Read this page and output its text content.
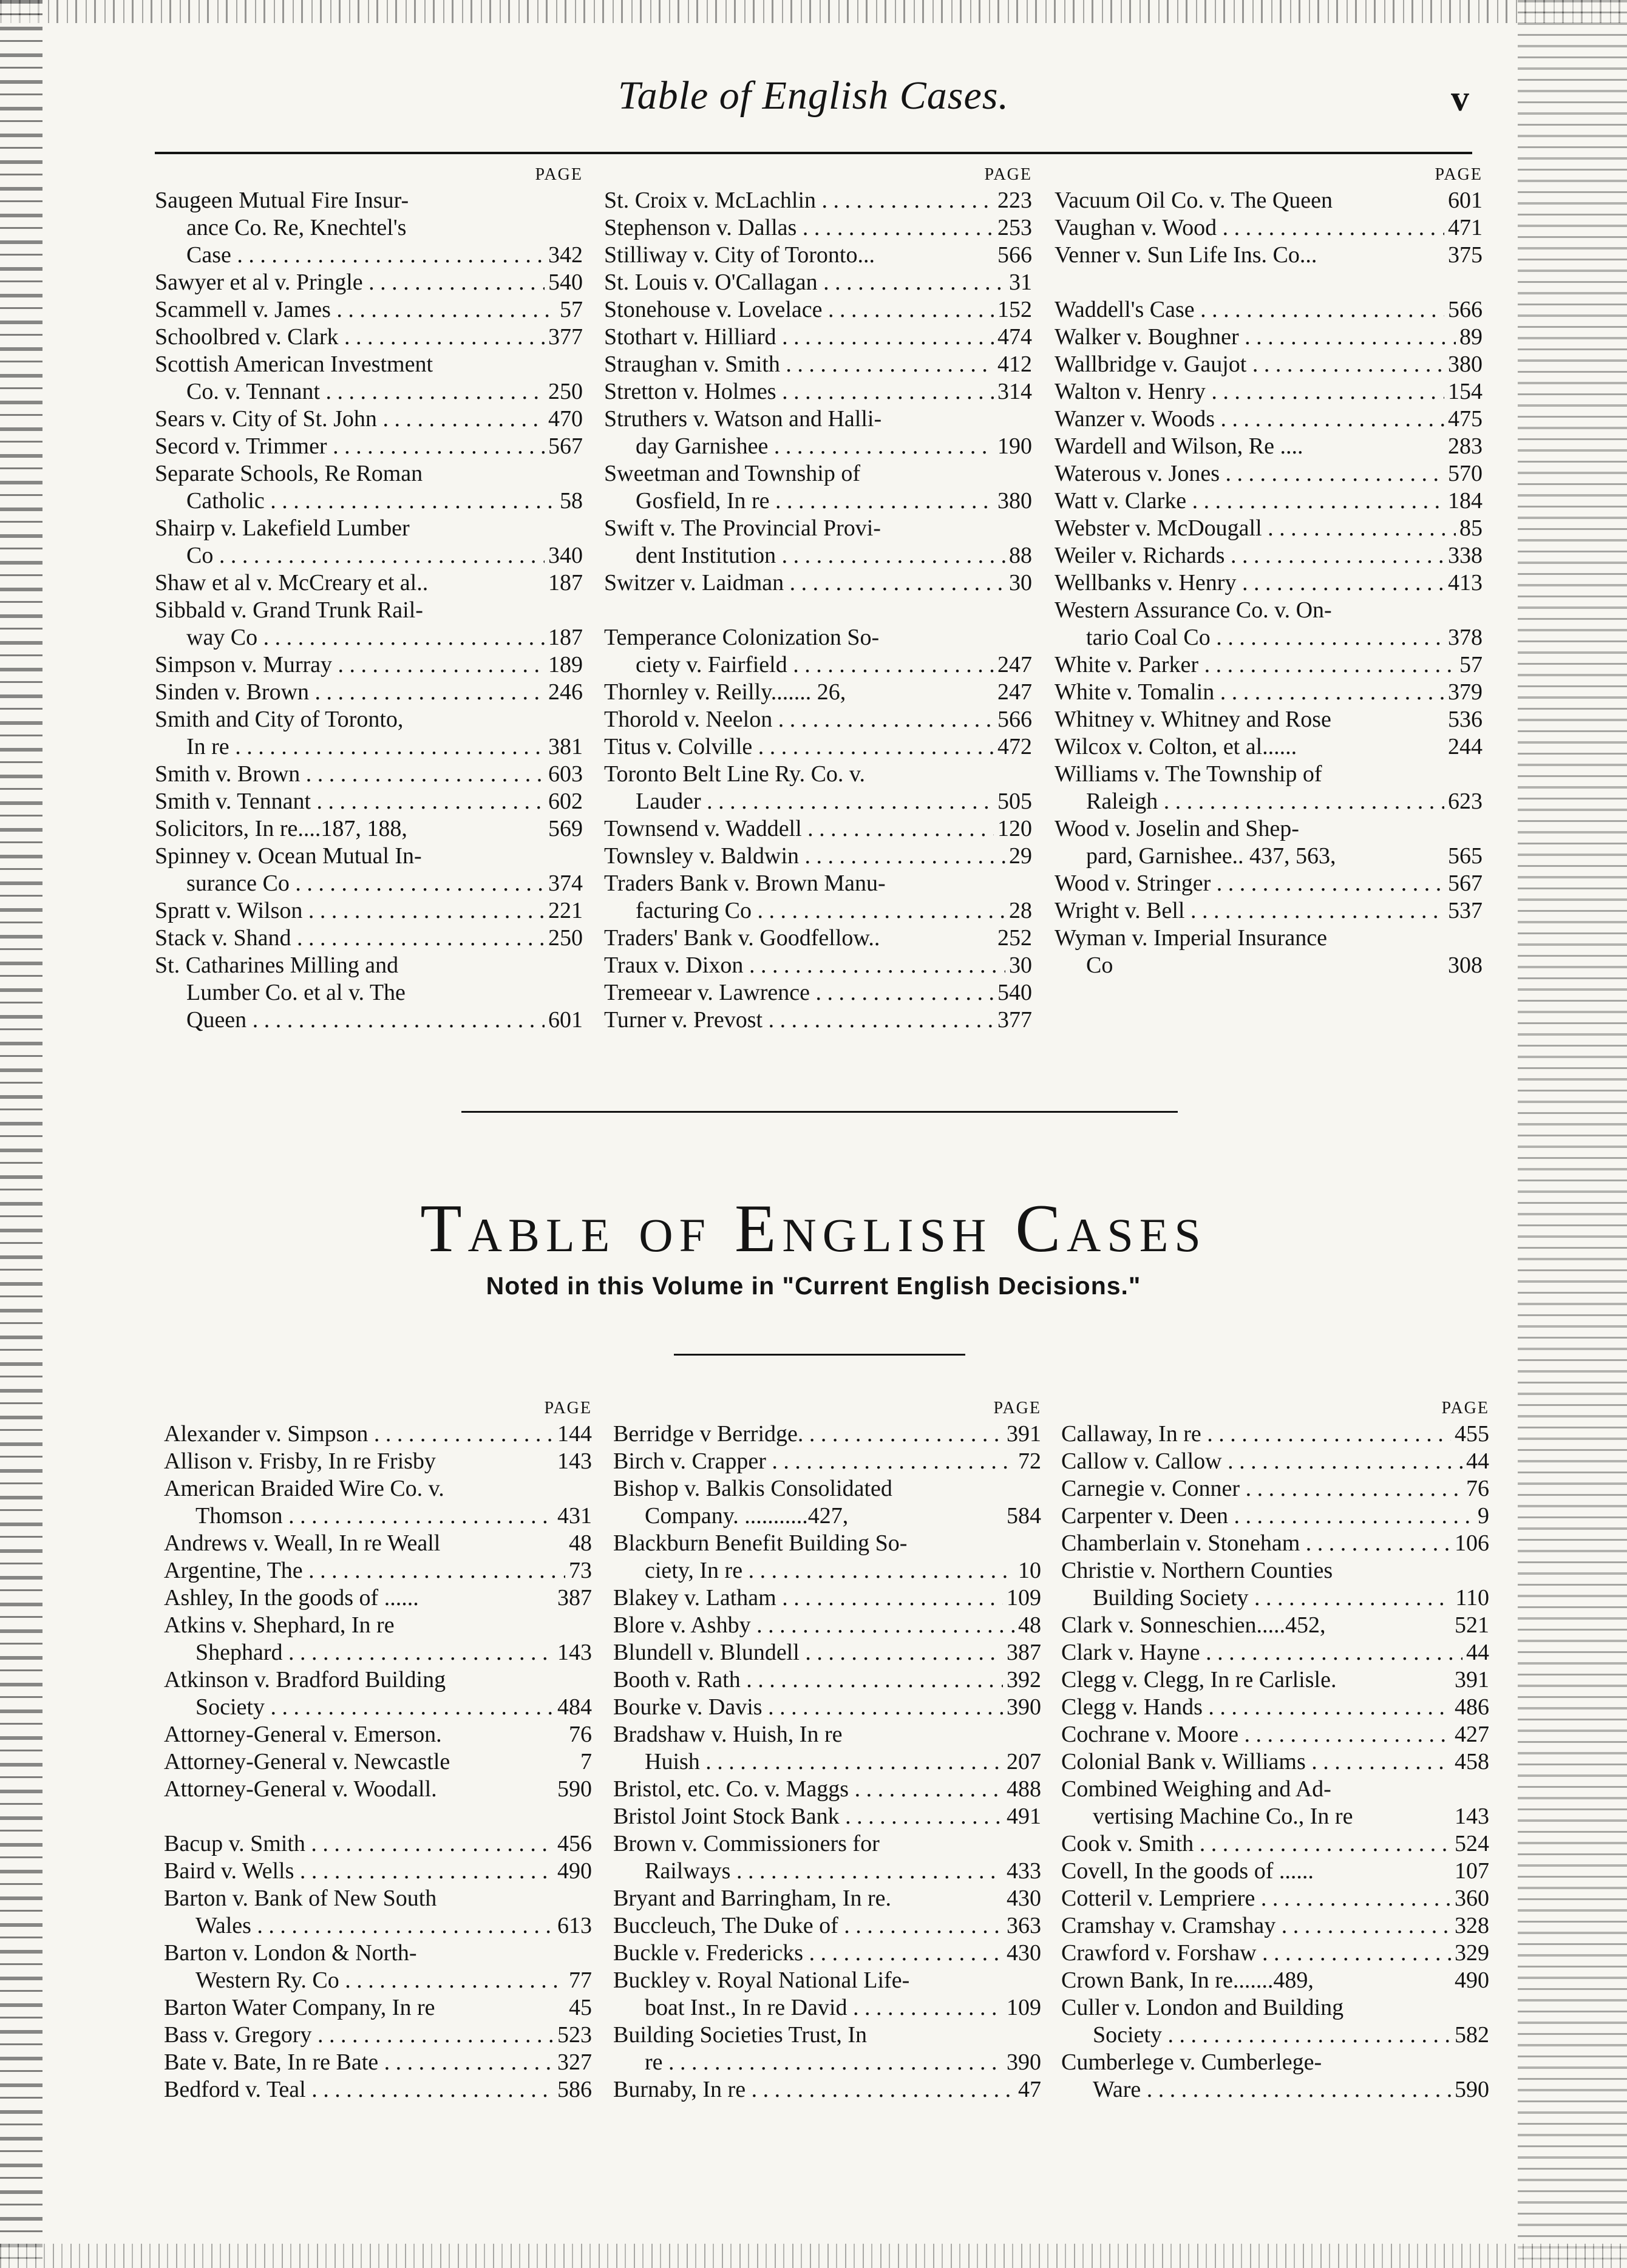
Table of English Cases.	v
PAGE
Saugeen Mutual Fire Insur-
ance Co. Re, Knechtel's
Case . . .	342
Sawyer et al v. Pringle . . .	540
Scammell v. James . . .	57
Schoolbred v. Clark . . .	377
Scottish American Investment
Co. v. Tennant . . .	250
Sears v. City of St. John . . .	470
Secord v. Trimmer . . .	567
Separate Schools, Re Roman
Catholic . . .	58
Shairp v. Lakefield Lumber
Co . . .	340
Shaw et al v. McCreary et al..	187
Sibbald v. Grand Trunk Rail-
way Co . . .	187
Simpson v. Murray . . .	189
Sinden v. Brown . . .	246
Smith and City of Toronto,
In re . . .	381
Smith v. Brown . . .	603
Smith v. Tennant . . .	602
Solicitors, In re....187, 188,	569
Spinney v. Ocean Mutual In-
surance Co . . .	374
Spratt v. Wilson . . .	221
Stack v. Shand . . .	250
St. Catharines Milling and
Lumber Co. et al v. The
Queen . . .	601
PAGE
St. Croix v. McLachlin . . .	223
Stephenson v. Dallas . . .	253
Stilliway v. City of Toronto...	566
St. Louis v. O'Callagan . . .	31
Stonehouse v. Lovelace . . .	152
Stothart v. Hilliard . . .	474
Straughan v. Smith . . .	412
Stretton v. Holmes . . .	314
Struthers v. Watson and Halli-
day Garnishee . . .	190
Sweetman and Township of
Gosfield, In re . . .	380
Swift v. The Provincial Provi-
dent Institution . . .	88
Switzer v. Laidman . . .	30
Temperance Colonization So-
ciety v. Fairfield . . .	247
Thornley v. Reilly....... 26,	247
Thorold v. Neelon . . .	566
Titus v. Colville . . .	472
Toronto Belt Line Ry. Co. v.
Lauder . . .	505
Townsend v. Waddell . . .	120
Townsley v. Baldwin . . .	29
Traders Bank v. Brown Manu-
facturing Co . . .	28
Traders' Bank v. Goodfellow..	252
Traux v. Dixon . . .	30
Tremeear v. Lawrence . . .	540
Turner v. Prevost . . .	377
PAGE
Vacuum Oil Co. v. The Queen	601
Vaughan v. Wood . . .	471
Venner v. Sun Life Ins. Co...	375
Waddell's Case . . .	566
Walker v. Boughner . . .	89
Wallbridge v. Gaujot . . .	380
Walton v. Henry . . .	154
Wanzer v. Woods . . .	475
Wardell and Wilson, Re ....	283
Waterous v. Jones . . .	570
Watt v. Clarke . . .	184
Webster v. McDougall . . .	85
Weiler v. Richards . . .	338
Wellbanks v. Henry . . .	413
Western Assurance Co. v. On-
tario Coal Co . . .	378
White v. Parker . . .	57
White v. Tomalin . . .	379
Whitney v. Whitney and Rose	536
Wilcox v. Colton, et al......	244
Williams v. The Township of
Raleigh . . .	623
Wood v. Joselin and Shep-
pard, Garnishee.. 437, 563,	565
Wood v. Stringer . . .	567
Wright v. Bell . . .	537
Wyman v. Imperial Insurance
Co	308
Table of English Cases
Noted in this Volume in "Current English Decisions."
PAGE
Alexander v. Simpson . . .	144
Allison v. Frisby, In re Frisby	143
American Braided Wire Co. v.
Thomson . . .	431
Andrews v. Weall, In re Weall	48
Argentine, The . . .	73
Ashley, In the goods of ......	387
Atkins v. Shephard, In re
Shephard . . .	143
Atkinson v. Bradford Building
Society . . .	484
Attorney-General v. Emerson.	76
Attorney-General v. Newcastle	7
Attorney-General v. Woodall.	590
Bacup v. Smith . . .	456
Baird v. Wells . . .	490
Barton v. Bank of New South
Wales . . .	613
Barton v. London & North-
Western Ry. Co . . .	77
Barton Water Company, In re	45
Bass v. Gregory . . .	523
Bate v. Bate, In re Bate . . .	327
Bedford v. Teal . . .	586
PAGE
Berridge v Berridge. . . .	391
Birch v. Crapper . . .	72
Bishop v. Balkis Consolidated
Company. ...........427,	584
Blackburn Benefit Building So-
ciety, In re . . .	10
Blakey v. Latham . . .	109
Blore v. Ashby . . .	48
Blundell v. Blundell . . .	387
Booth v. Rath . . .	392
Bourke v. Davis . . .	390
Bradshaw v. Huish, In re
Huish . . .	207
Bristol, etc. Co. v. Maggs . . .	488
Bristol Joint Stock Bank . . .	491
Brown v. Commissioners for
Railways . . .	433
Bryant and Barringham, In re.	430
Buccleuch, The Duke of . . .	363
Buckle v. Fredericks . . .	430
Buckley v. Royal National Life-
boat Inst., In re David . . .	109
Building Societies Trust, In
re . . .	390
Burnaby, In re . . .	47
PAGE
Callaway, In re . . .	455
Callow v. Callow . . .	44
Carnegie v. Conner . . .	76
Carpenter v. Deen . . .	9
Chamberlain v. Stoneham . . .	106
Christie v. Northern Counties
Building Society . . .	110
Clark v. Sonneschien.....452,	521
Clark v. Hayne . . .	44
Clegg v. Clegg, In re Carlisle.	391
Clegg v. Hands . . .	486
Cochrane v. Moore . . .	427
Colonial Bank v. Williams . . .	458
Combined Weighing and Ad-
vertising Machine Co., In re	143
Cook v. Smith . . .	524
Covell, In the goods of ......	107
Cotteril v. Lempriere . . .	360
Cramshay v. Cramshay . . .	328
Crawford v. Forshaw . . .	329
Crown Bank, In re.......489,	490
Culler v. London and Building
Society . . .	582
Cumberlege v. Cumberlege-
Ware . . .	590
